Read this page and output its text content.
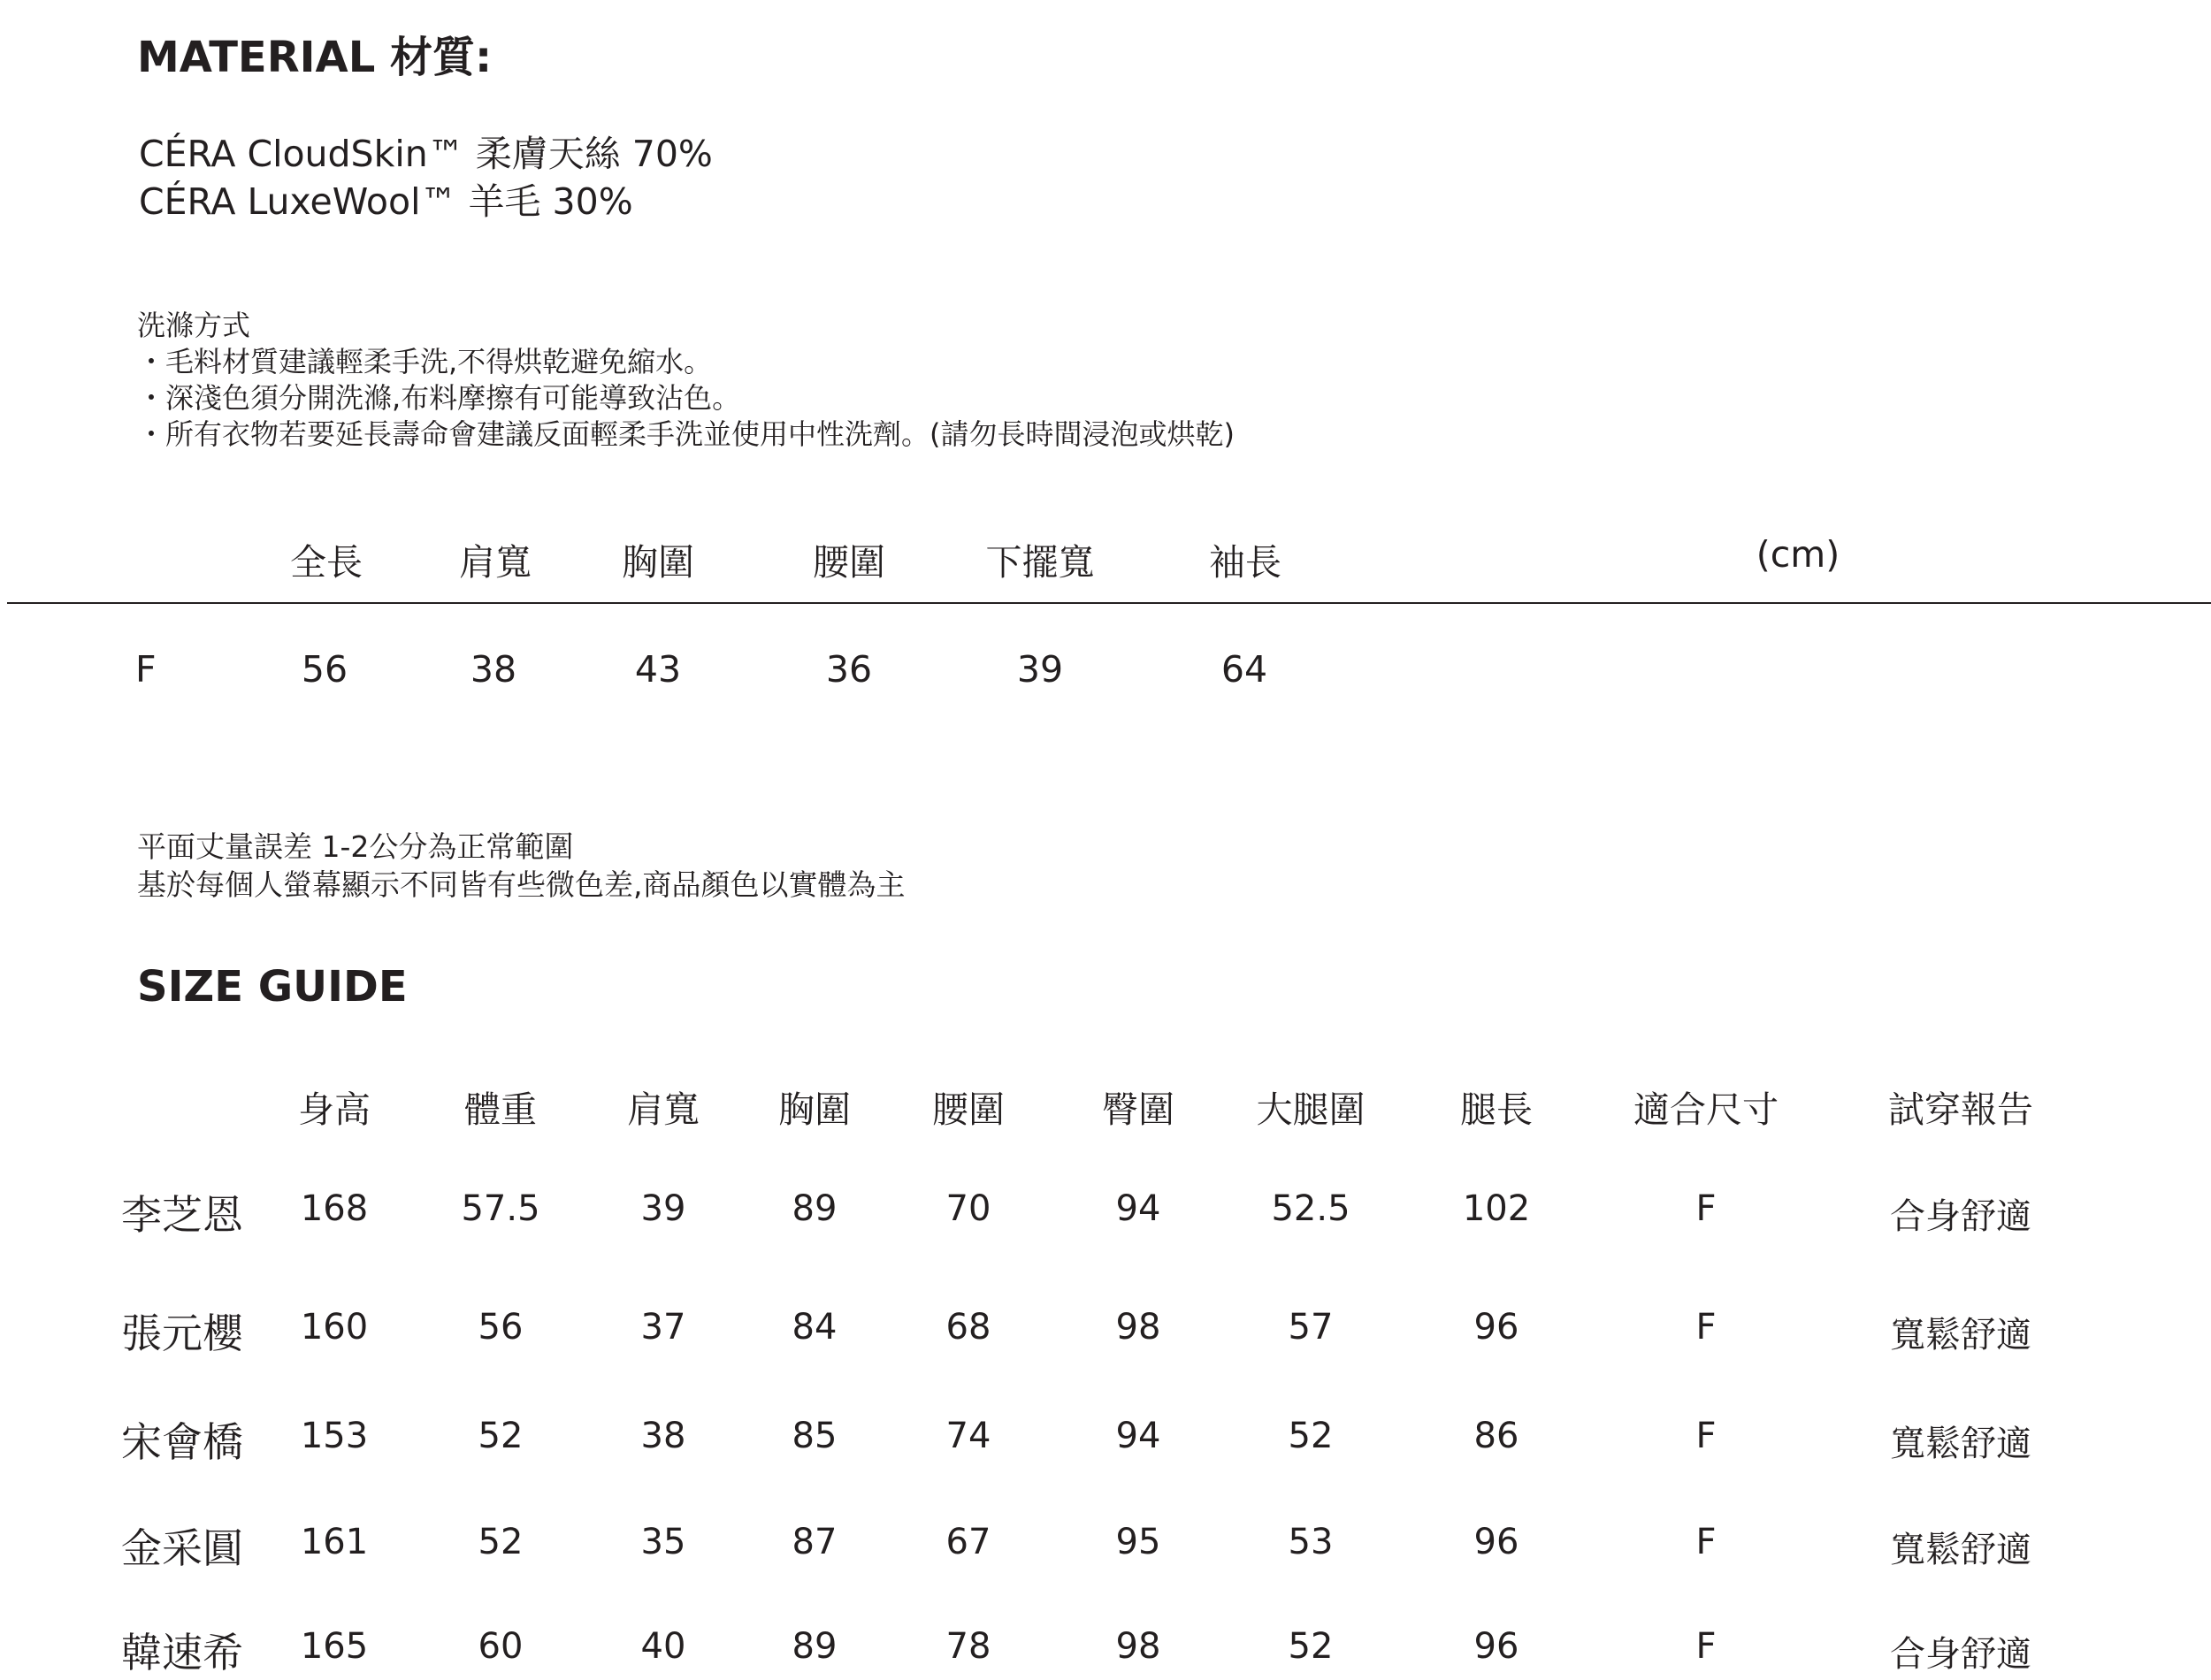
MATERIAL 材質:
CÉRA CloudSkin™ 柔膚天絲 70%
CÉRA LuxeWool™ 羊毛 30%
洗滌方式
・毛料材質建議輕柔手洗,不得烘乾避免縮水。
・深淺色須分開洗滌,布料摩擦有可能導致沾色。
・所有衣物若要延長壽命會建議反面輕柔手洗並使用中性洗劑。(請勿長時間浸泡或烘乾)
全長	肩寬 胸圍	腰圍	下擺寬	袖長	(cm)
F	56	38	43	36	39	64
平面丈量誤差 1-2公分為正常範圍
基於每個人螢幕顯示不同皆有些微色差,商品顏色以實體為主
SIZE GUIDE
身高	體重 肩寬 胸圍 腰圍	臀圍 大腿圍	腿長	適合尺寸	試穿報告
李芝恩 168	57.5	39	89	70	94	52.5	102	F	合身舒適
張元櫻 160	56	37	84	68	98	57	96	F	寬鬆舒適
宋會橋 153	52	38	85	74	94	52	86	F	寬鬆舒適
金采圓 161	52	35	87	67	95	53	96	F	寬鬆舒適
韓速希 165	60	40	89	78	98	52	96	F	合身舒適
